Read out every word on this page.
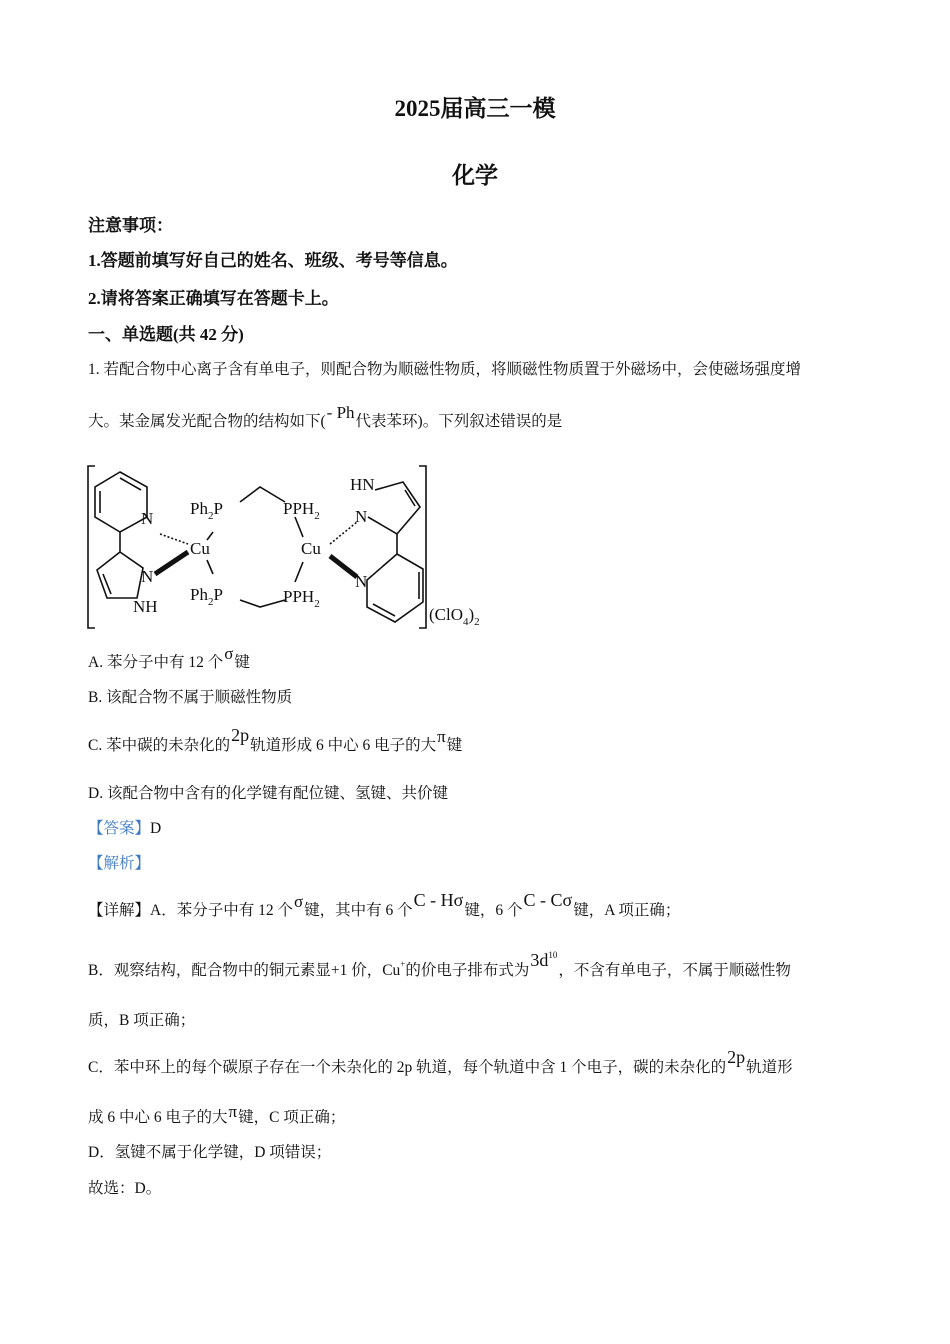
2025届高三一模
化学
注意事项：
1.答题前填写好自己的姓名、班级、考号等信息。
2.请将答案正确填写在答题卡上。
一、单选题(共 42 分)
1. 若配合物中心离子含有单电子，则配合物为顺磁性物质，将顺磁性物质置于外磁场中，会使磁场强度增
大。某金属发光配合物的结构如下(- Ph代表苯环)。下列叙述错误的是
N
N
NH
Cu
$Ph_2P$
$Ph_2P$
$PPH_2$
$PPH_2$
Cu
HN
N
N
$(ClO_4)_2$
A. 苯分子中有 12 个σ键
B. 该配合物不属于顺磁性物质
C. 苯中碳的未杂化的2p轨道形成 6 中心 6 电子的大π键
D. 该配合物中含有的化学键有配位键、氢键、共价键
【答案】D
【解析】
【详解】A．苯分子中有 12 个σ键，其中有 6 个C - Hσ键，6 个C - Cσ键，A 项正确；
B．观察结构，配合物中的铜元素显+1 价，Cu+的价电子排布式为$3d^{10}$，不含有单电子，不属于顺磁性物
质，B 项正确；
C．苯中环上的每个碳原子存在一个未杂化的 2p 轨道，每个轨道中含 1 个电子，碳的未杂化的2p轨道形
成 6 中心 6 电子的大π键，C 项正确；
D．氢键不属于化学键，D 项错误；
故选：D。
